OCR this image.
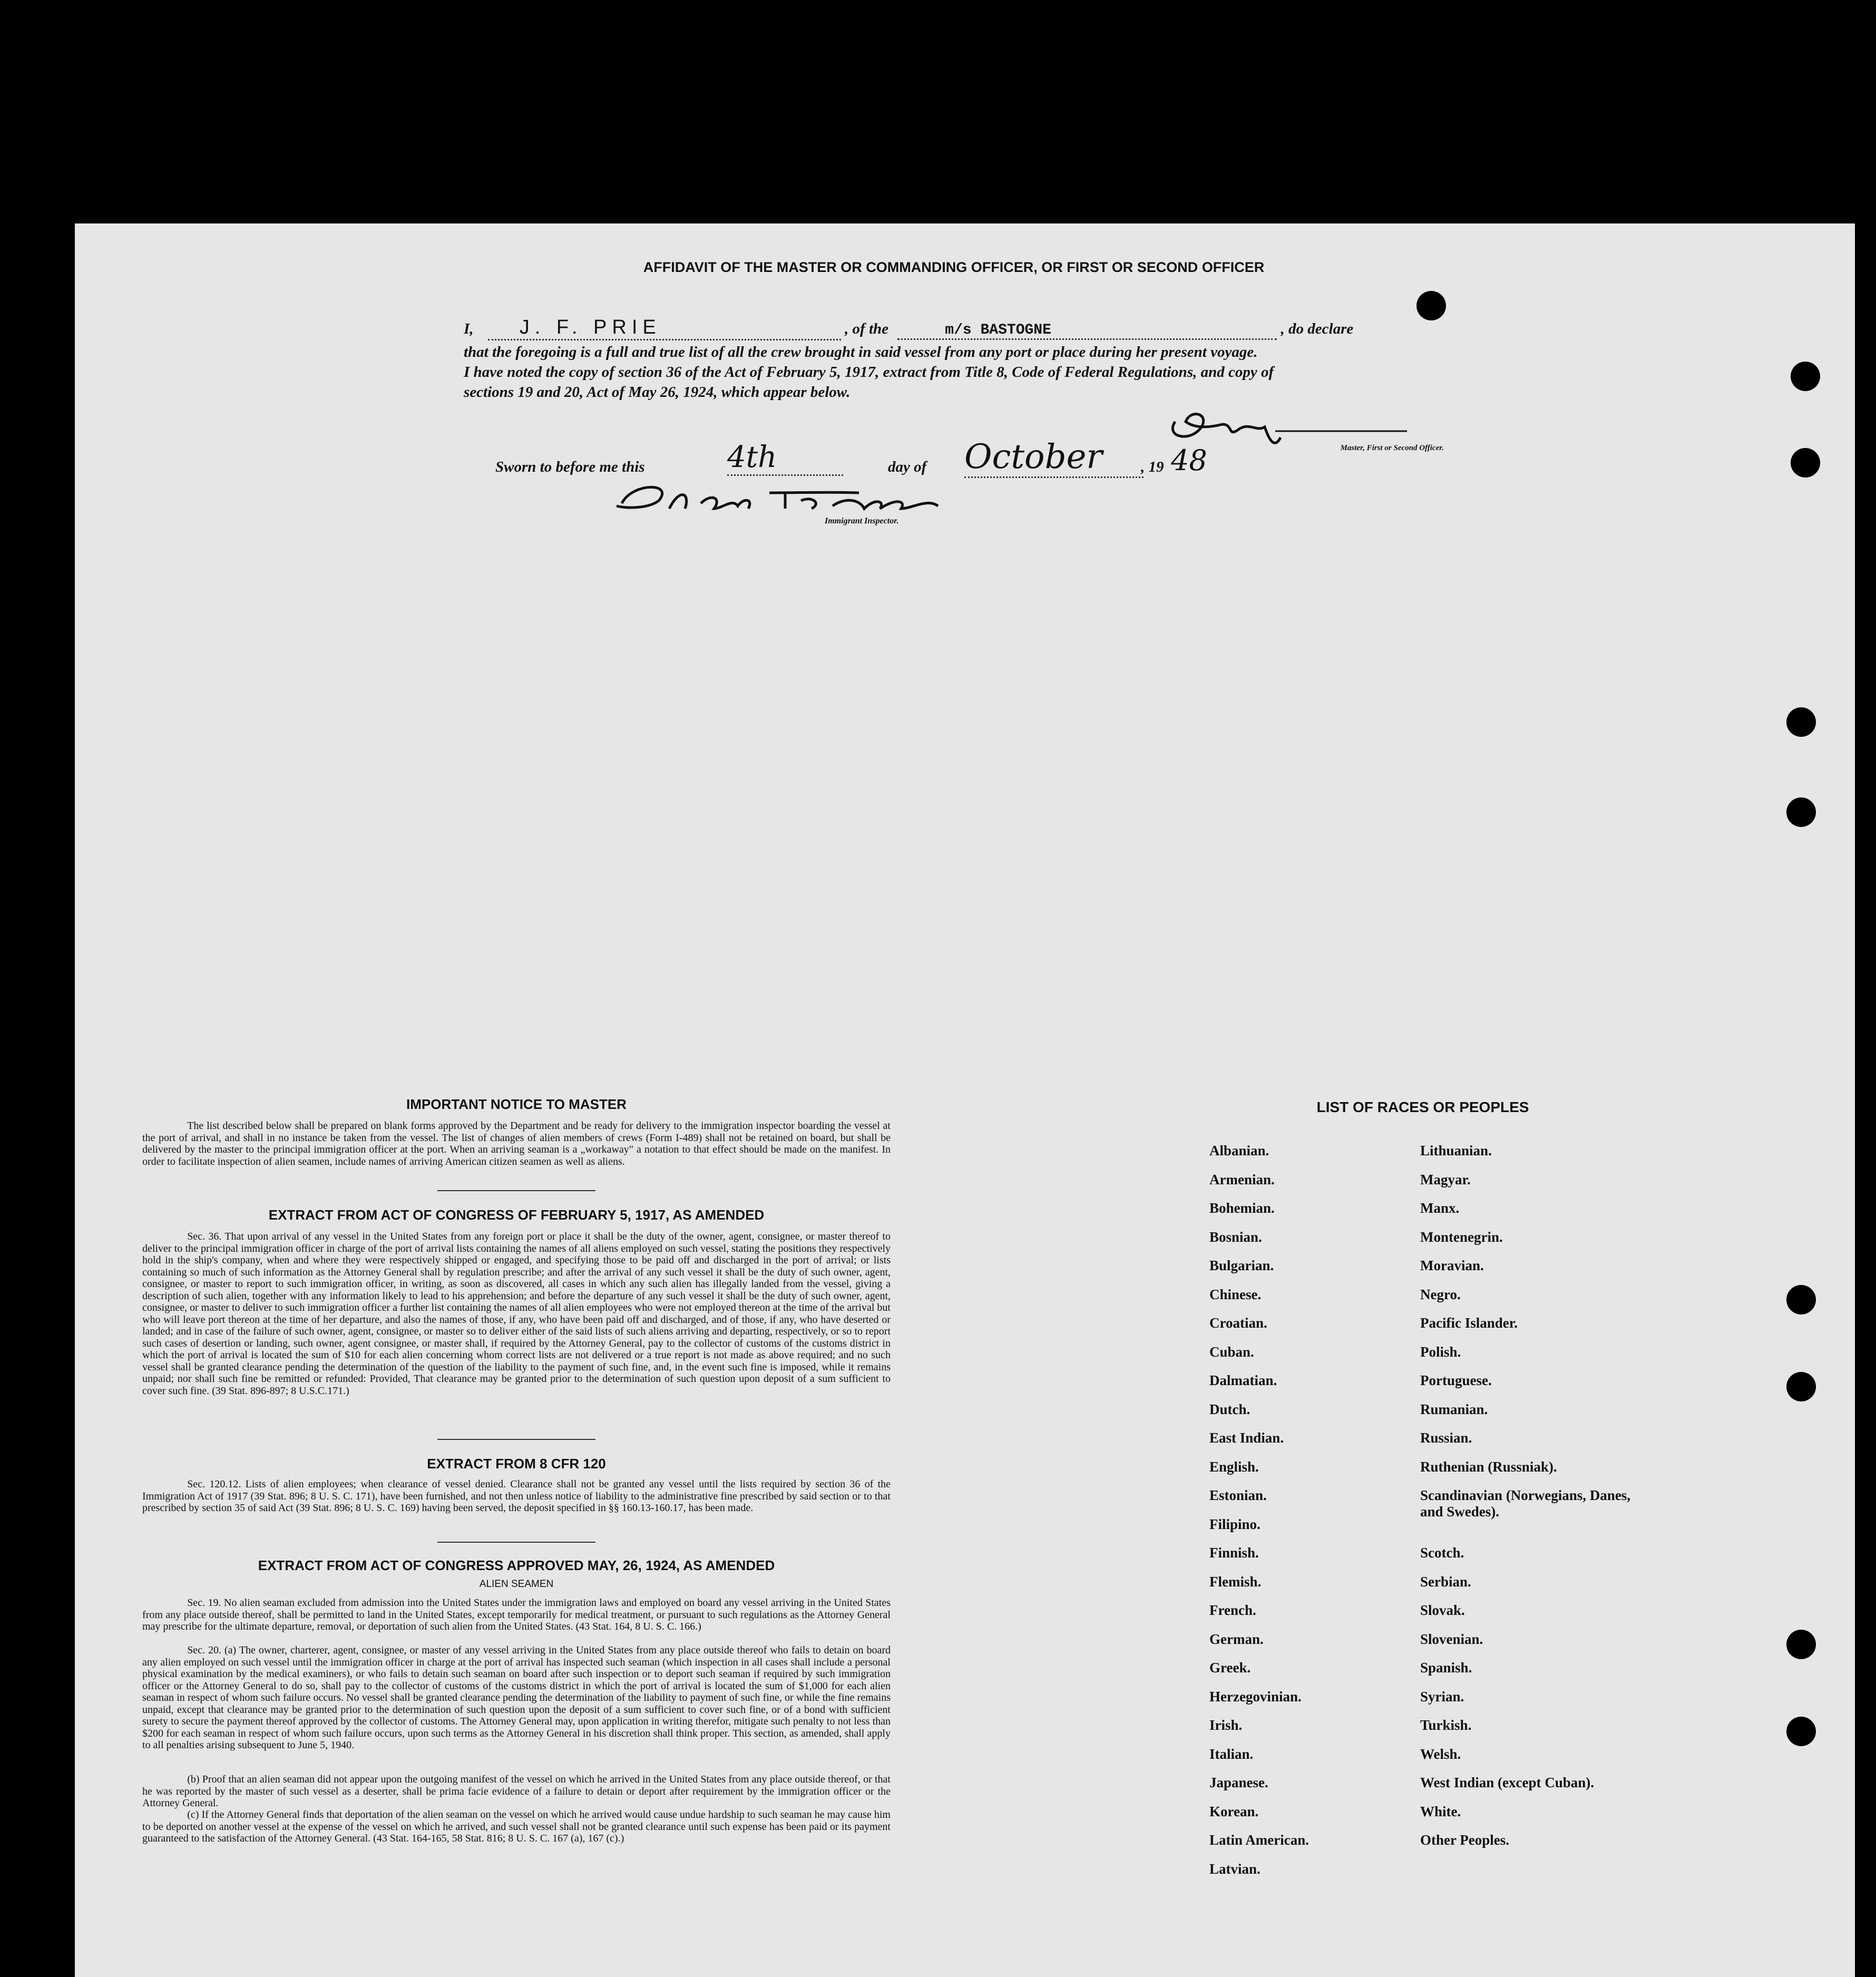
AFFIDAVIT OF THE MASTER OR COMMANDING OFFICER, OR FIRST OR SECOND OFFICER
I, J. F. PRIE	, of the	m/s BASTOGNE	, do declare
that the foregoing is a full and true list of all the crew brought in said vessel from any port or place during her present voyage.
I have noted the copy of section 36 of the Act of February 5, 1917, extract from Title 8, Code of Federal Regulations, and copy of
sections 19 and 20, Act of May 26, 1924, which appear below.
Master, First or Second Officer.
Sworn to before me this	4th	day of October	, 19 48
Immigrant Inspector.
IMPORTANT NOTICE TO MASTER
The list described below shall be prepared on blank forms approved by the Department and be ready for delivery to the immigration inspector boarding the vessel at the port of arrival, and shall in no instance be taken from the vessel. The list of changes of alien members of crews (Form I-489) shall not be retained on board, but shall be delivered by the master to the principal immigration officer at the port. When an arriving seaman is a „workaway" a notation to that effect should be made on the manifest. In order to facilitate inspection of alien seamen, include names of arriving American citizen seamen as well as aliens.
EXTRACT FROM ACT OF CONGRESS OF FEBRUARY 5, 1917, AS AMENDED
Sec. 36. That upon arrival of any vessel in the United States from any foreign port or place it shall be the duty of the owner, agent, consignee, or master thereof to deliver to the principal immigration officer in charge of the port of arrival lists containing the names of all aliens employed on such vessel, stating the positions they respectively hold in the ship's company, when and where they were respectively shipped or engaged, and specifying those to be paid off and discharged in the port of arrival; or lists containing so much of such information as the Attorney General shall by regulation prescribe; and after the arrival of any such vessel it shall be the duty of such owner, agent, consignee, or master to report to such immigration officer, in writing, as soon as discovered, all cases in which any such alien has illegally landed from the vessel, giving a description of such alien, together with any information likely to lead to his apprehension; and before the departure of any such vessel it shall be the duty of such owner, agent, consignee, or master to deliver to such immigration officer a further list containing the names of all alien employees who were not employed thereon at the time of the arrival but who will leave port thereon at the time of her departure, and also the names of those, if any, who have been paid off and discharged, and of those, if any, who have deserted or landed; and in case of the failure of such owner, agent, consignee, or master so to deliver either of the said lists of such aliens arriving and departing, respectively, or so to report such cases of desertion or landing, such owner, agent consignee, or master shall, if required by the Attorney General, pay to the collector of customs of the customs district in which the port of arrival is located the sum of $10 for each alien concerning whom correct lists are not delivered or a true report is not made as above required; and no such vessel shall be granted clearance pending the determination of the question of the liability to the payment of such fine, and, in the event such fine is imposed, while it remains unpaid; nor shall such fine be remitted or refunded: Provided, That clearance may be granted prior to the determination of such question upon deposit of a sum sufficient to cover such fine. (39 Stat. 896-897; 8 U.S.C.171.)
EXTRACT FROM 8 CFR 120
Sec. 120.12. Lists of alien employees; when clearance of vessel denied. Clearance shall not be granted any vessel until the lists required by section 36 of the Immigration Act of 1917 (39 Stat. 896; 8 U. S. C. 171), have been furnished, and not then unless notice of liability to the administrative fine prescribed by said section or to that prescribed by section 35 of said Act (39 Stat. 896; 8 U. S. C. 169) having been served, the deposit specified in §§ 160.13-160.17, has been made.
EXTRACT FROM ACT OF CONGRESS APPROVED MAY, 26, 1924, AS AMENDED
ALIEN SEAMEN
Sec. 19. No alien seaman excluded from admission into the United States under the immigration laws and employed on board any vessel arriving in the United States from any place outside thereof, shall be permitted to land in the United States, except temporarily for medical treatment, or pursuant to such regulations as the Attorney General may prescribe for the ultimate departure, removal, or deportation of such alien from the United States. (43 Stat. 164, 8 U. S. C. 166.)
Sec. 20. (a) The owner, charterer, agent, consignee, or master of any vessel arriving in the United States from any place outside thereof who fails to detain on board any alien employed on such vessel until the immigration officer in charge at the port of arrival has inspected such seaman (which inspection in all cases shall include a personal physical examination by the medical examiners), or who fails to detain such seaman on board after such inspection or to deport such seaman if required by such immigration officer or the Attorney General to do so, shall pay to the collector of customs of the customs district in which the port of arrival is located the sum of $1,000 for each alien seaman in respect of whom such failure occurs. No vessel shall be granted clearance pending the determination of the liability to payment of such fine, or while the fine remains unpaid, except that clearance may be granted prior to the determination of such question upon the deposit of a sum sufficient to cover such fine, or of a bond with sufficient surety to secure the payment thereof approved by the collector of customs. The Attorney General may, upon application in writing therefor, mitigate such penalty to not less than $200 for each seaman in respect of whom such failure occurs, upon such terms as the Attorney General in his discretion shall think proper. This section, as amended, shall apply to all penalties arising subsequent to June 5, 1940.
(b) Proof that an alien seaman did not appear upon the outgoing manifest of the vessel on which he arrived in the United States from any place outside thereof, or that he was reported by the master of such vessel as a deserter, shall be prima facie evidence of a failure to detain or deport after requirement by the immigration officer or the Attorney General.
(c) If the Attorney General finds that deportation of the alien seaman on the vessel on which he arrived would cause undue hardship to such seaman he may cause him to be deported on another vessel at the expense of the vessel on which he arrived, and such vessel shall not be granted clearance until such expense has been paid or its payment guaranteed to the satisfaction of the Attorney General. (43 Stat. 164-165, 58 Stat. 816; 8 U. S. C. 167 (a), 167 (c).)
LIST OF RACES OR PEOPLES
Albanian.
Armenian.
Bohemian.
Bosnian.
Bulgarian.
Chinese.
Croatian.
Cuban.
Dalmatian.
Dutch.
East Indian.
English.
Estonian.
Filipino.
Finnish.
Flemish.
French.
German.
Greek.
Herzegovinian.
Irish.
Italian.
Japanese.
Korean.
Latin American.
Latvian.
Lithuanian.
Magyar.
Manx.
Montenegrin.
Moravian.
Negro.
Pacific Islander.
Polish.
Portuguese.
Rumanian.
Russian.
Ruthenian (Russniak).
Scandinavian (Norwegians, Danes, and Swedes).
Scotch.
Serbian.
Slovak.
Slovenian.
Spanish.
Syrian.
Turkish.
Welsh.
West Indian (except Cuban).
White.
Other Peoples.
